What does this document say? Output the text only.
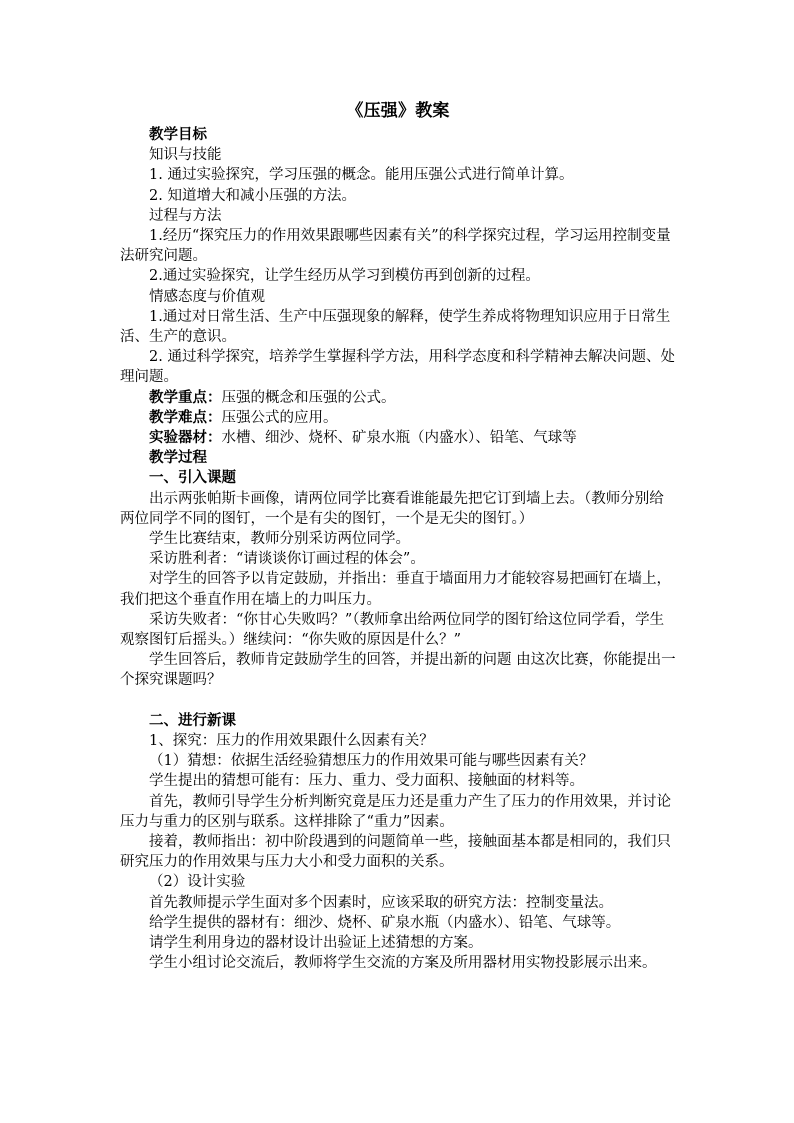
《压强》教案

教学目标

知识与技能

1. 通过实验探究，学习压强的概念。能用压强公式进行简单计算。

2. 知道增大和减小压强的方法。

过程与方法

1.经历“探究压力的作用效果跟哪些因素有关”的科学探究过程，学习运用控制变量法研究问题。

2.通过实验探究，让学生经历从学习到模仿再到创新的过程。

情感态度与价值观

1.通过对日常生活、生产中压强现象的解释，使学生养成将物理知识应用于日常生活、生产的意识。

2. 通过科学探究，培养学生掌握科学方法，用科学态度和科学精神去解决问题、处理问题。

教学重点：压强的概念和压强的公式。

教学难点：压强公式的应用。

实验器材：水槽、细沙、烧杯、矿泉水瓶（内盛水）、铅笔、气球等

教学过程

一、引入课题

出示两张帕斯卡画像，请两位同学比赛看谁能最先把它订到墙上去。（教师分别给两位同学不同的图钉，一个是有尖的图钉，一个是无尖的图钉。）

学生比赛结束，教师分别采访两位同学。

采访胜利者：“请谈谈你订画过程的体会”。

对学生的回答予以肯定鼓励，并指出：垂直于墙面用力才能较容易把画钉在墙上，我们把这个垂直作用在墙上的力叫压力。

采访失败者：“你甘心失败吗？”（教师拿出给两位同学的图钉给这位同学看，学生观察图钉后摇头。）继续问：“你失败的原因是什么？”

学生回答后，教师肯定鼓励学生的回答，并提出新的问题 由这次比赛，你能提出一个探究课题吗？

二、进行新课

1、探究：压力的作用效果跟什么因素有关？

（1）猜想：依据生活经验猜想压力的作用效果可能与哪些因素有关？

学生提出的猜想可能有：压力、重力、受力面积、接触面的材料等。

首先，教师引导学生分析判断究竟是压力还是重力产生了压力的作用效果，并讨论压力与重力的区别与联系。这样排除了“重力”因素。

接着，教师指出：初中阶段遇到的问题简单一些，接触面基本都是相同的，我们只研究压力的作用效果与压力大小和受力面积的关系。

（2）设计实验

首先教师提示学生面对多个因素时，应该采取的研究方法：控制变量法。

给学生提供的器材有：细沙、烧杯、矿泉水瓶（内盛水）、铅笔、气球等。

请学生利用身边的器材设计出验证上述猜想的方案。

学生小组讨论交流后，教师将学生交流的方案及所用器材用实物投影展示出来。
